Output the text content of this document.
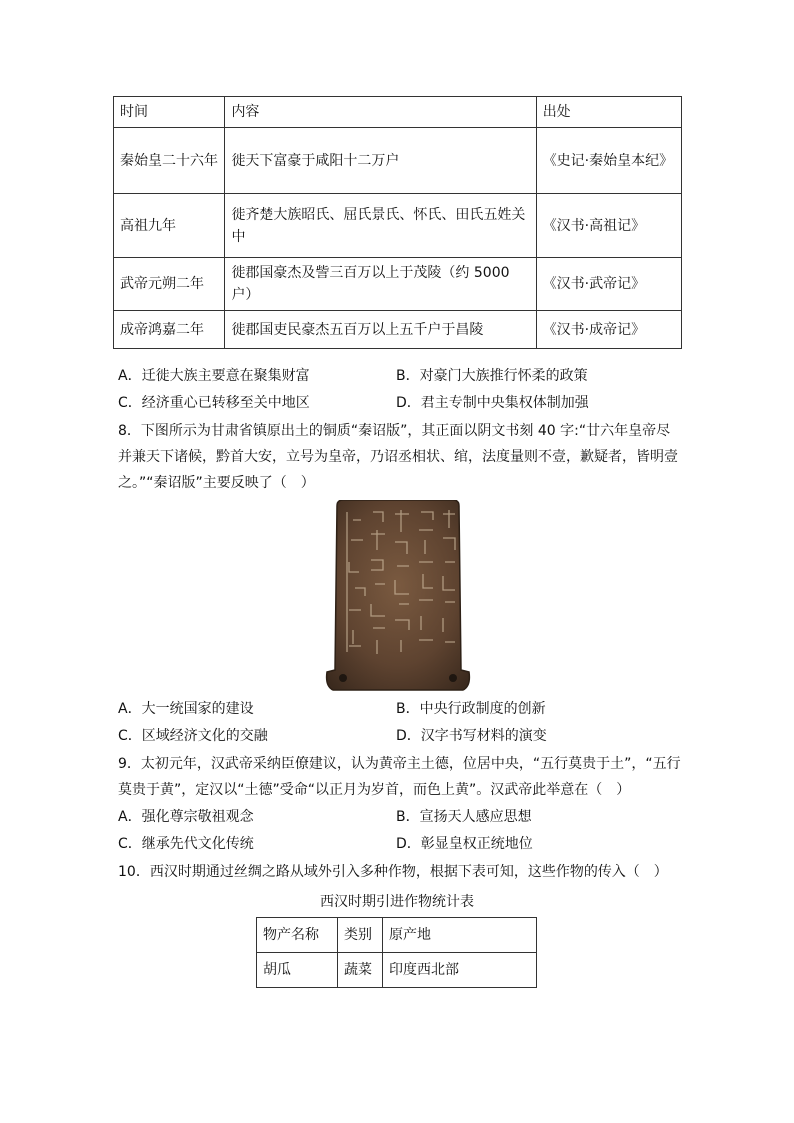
时间	内容	出处
秦始皇二十六年	徙天下富豪于咸阳十二万户	《史记·秦始皇本纪》
高祖九年	徙齐楚大族昭氏、屈氏景氏、怀氏、田氏五姓关中	《汉书·高祖记》
武帝元朔二年	徙郡国豪杰及訾三百万以上于茂陵（约 5000 户）	《汉书·武帝记》
成帝鸿嘉二年	徙郡国吏民豪杰五百万以上五千户于昌陵	《汉书·成帝记》
A．迁徙大族主要意在聚集财富	B．对豪门大族推行怀柔的政策
C．经济重心已转移至关中地区	D．君主专制中央集权体制加强
8．下图所示为甘肃省镇原出土的铜质“秦诏版”，其正面以阴文书刻 40 字:“廿六年皇帝尽并兼天下诸候，黔首大安，立号为皇帝，乃诏丞相状、绾，法度量则不壹，歉疑者，皆明壹之。”“秦诏版”主要反映了（　）
A．大一统国家的建设	B．中央行政制度的创新
C．区域经济文化的交融	D．汉字书写材料的演变
9．太初元年，汉武帝采纳臣僚建议，认为黄帝主土德，位居中央，“五行莫贵于土”，“五行莫贵于黄”，定汉以“土德”受命“以正月为岁首，而色上黄”。汉武帝此举意在（　）
A．强化尊宗敬祖观念	B．宣扬天人感应思想
C．继承先代文化传统	D．彰显皇权正统地位
10．西汉时期通过丝绸之路从域外引入多种作物，根据下表可知，这些作物的传入（　）
西汉时期引进作物统计表
物产名称	类别	原产地
胡瓜	蔬菜	印度西北部
